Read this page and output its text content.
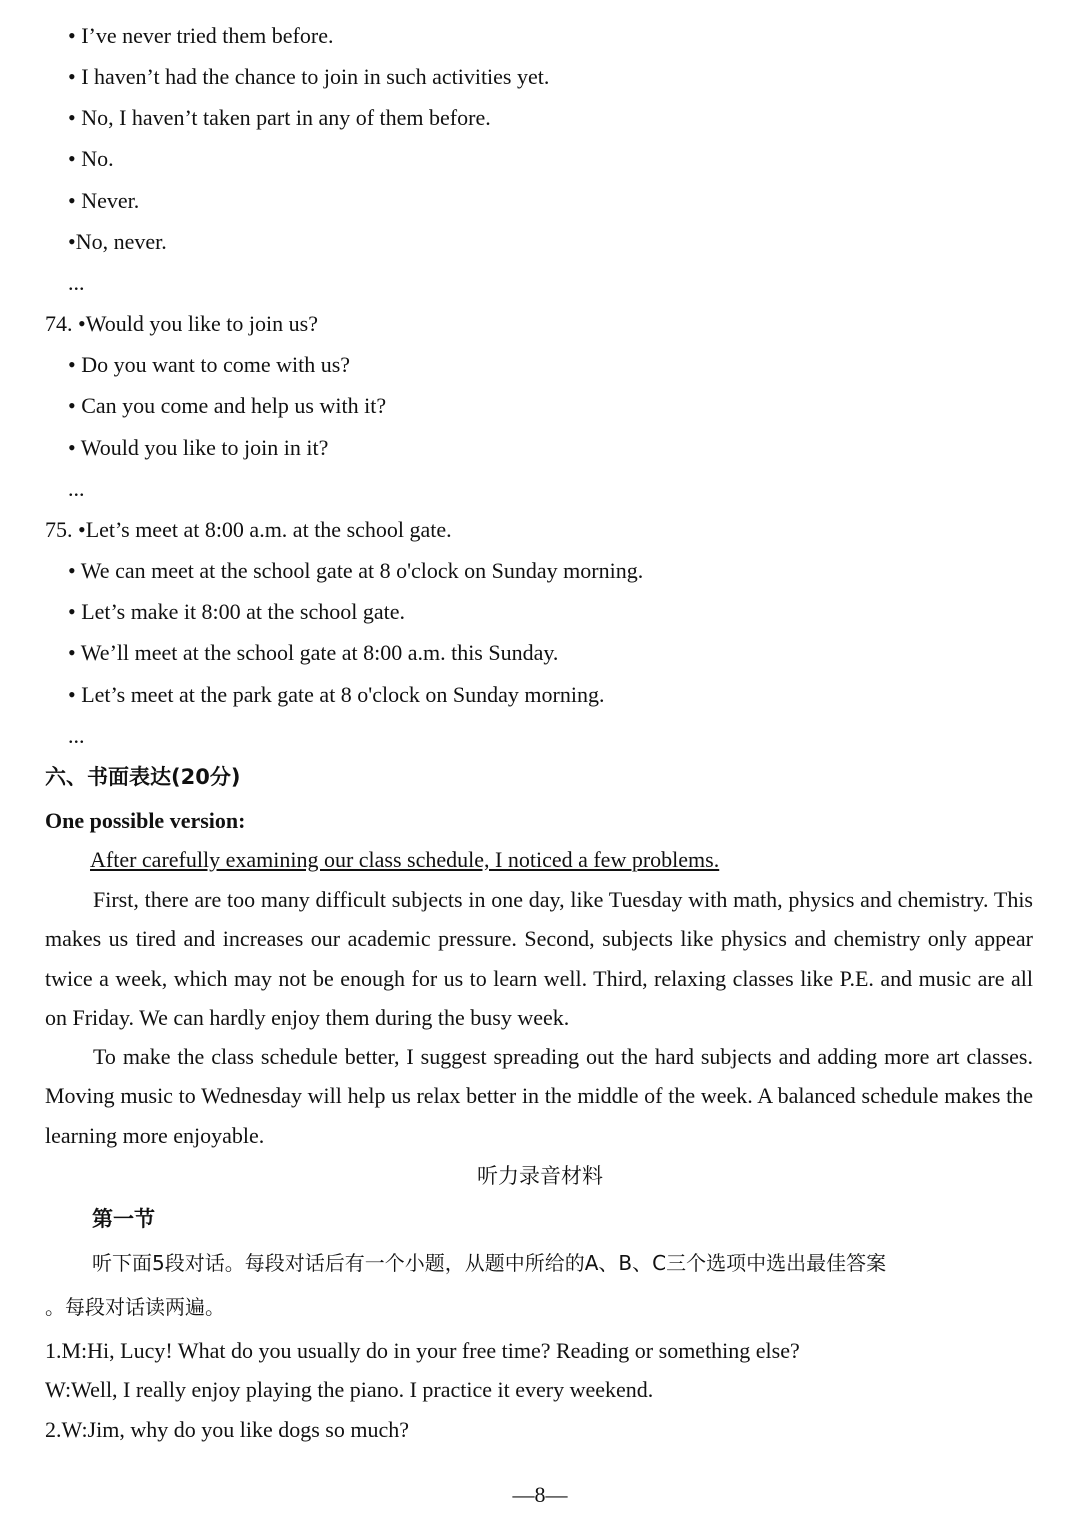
• I’ve never tried them before.
• I haven’t had the chance to join in such activities yet.
• No, I haven’t taken part in any of them before.
• No.
• Never.
•No, never.
...
74. •Would you like to join us?
• Do you want to come with us?
• Can you come and help us with it?
• Would you like to join in it?
...
75. •Let’s meet at 8:00 a.m. at the school gate.
• We can meet at the school gate at 8 o'clock on Sunday morning.
• Let’s make it 8:00 at the school gate.
• We’ll meet at the school gate at 8:00 a.m. this Sunday.
• Let’s meet at the park gate at 8 o'clock on Sunday morning.
...
六、书面表达(20分)
One possible version:
After carefully examining our class schedule, I noticed a few problems.
First, there are too many difficult subjects in one day, like Tuesday with math, physics and chemistry. This makes us tired and increases our academic pressure. Second, subjects like physics and chemistry only appear twice a week, which may not be enough for us to learn well. Third, relaxing classes like P.E. and music are all on Friday. We can hardly enjoy them during the busy week.
To make the class schedule better, I suggest spreading out the hard subjects and adding more art classes. Moving music to Wednesday will help us relax better in the middle of the week. A balanced schedule makes the learning more enjoyable.
听力录音材料
第一节
听下面5段对话。每段对话后有一个小题，从题中所给的A、B、C三个选项中选出最佳答案
。每段对话读两遍。
1.M:Hi, Lucy! What do you usually do in your free time? Reading or something else?
W:Well, I really enjoy playing the piano. I practice it every weekend.
2.W:Jim, why do you like dogs so much?
—8—
